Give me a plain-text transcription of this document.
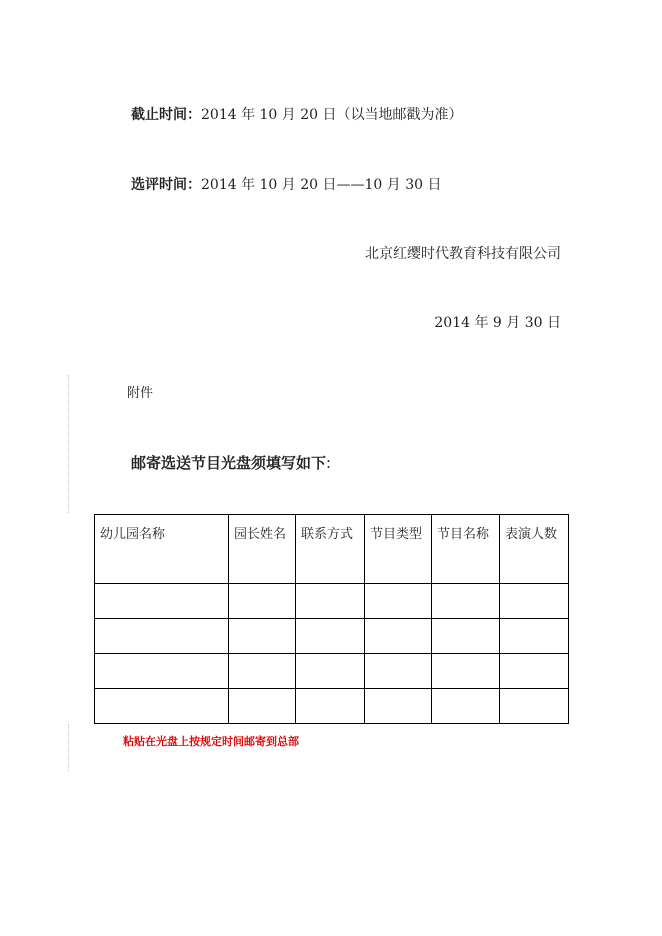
截止时间：2014 年 10 月 20 日（以当地邮戳为准）
选评时间：2014 年 10 月 20 日——10 月 30 日
北京红缨时代教育科技有限公司
2014 年 9 月 30 日
附件
邮寄选送节目光盘须填写如下:
幼儿园名称	园长姓名	联系方式	节目类型	节目名称	表演人数

粘贴在光盘上按规定时间邮寄到总部
